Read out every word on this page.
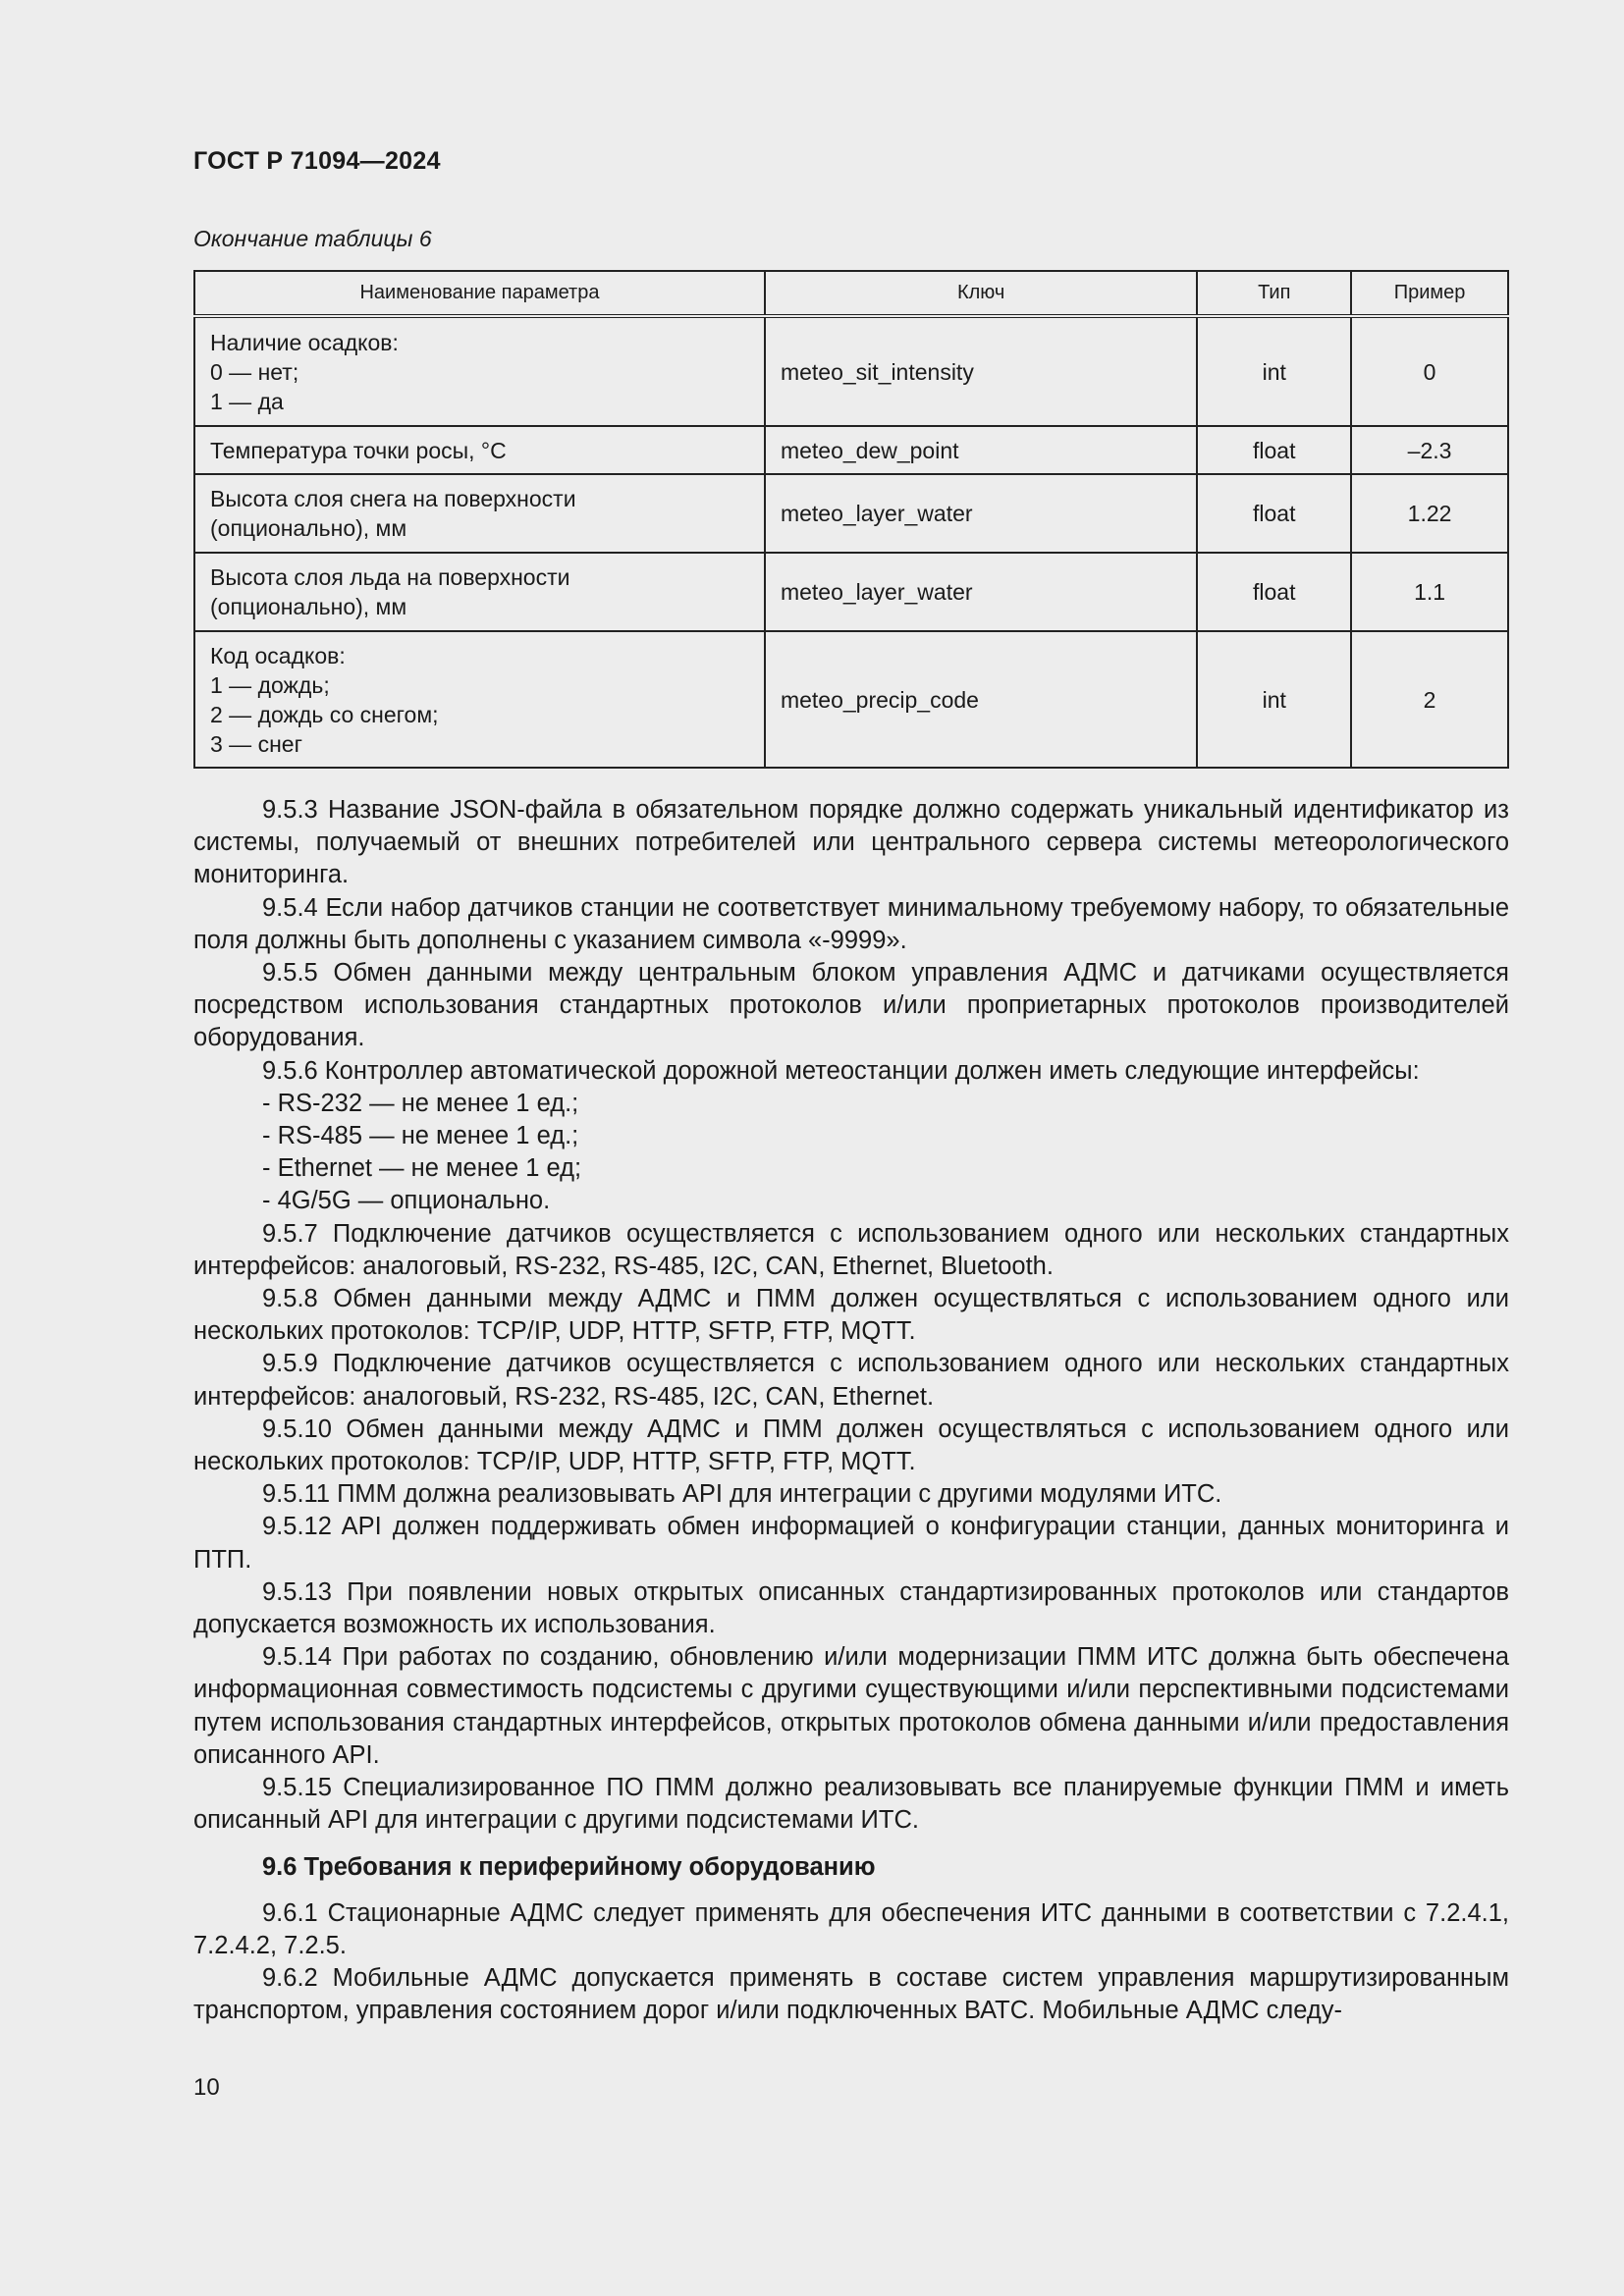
ГОСТ Р 71094—2024
Окончание таблицы 6
Наименование параметра	Ключ	Тип	Пример
Наличие осадков:
0 — нет;
1 — да	meteo_sit_intensity	int	0
Температура точки росы, °С	meteo_dew_point	float	–2.3
Высота слоя снега на поверхности
(опционально), мм	meteo_layer_water	float	1.22
Высота слоя льда на поверхности
(опционально), мм	meteo_layer_water	float	1.1
Код осадков:
1 — дождь;
2 — дождь со снегом;
3 — снег	meteo_precip_code	int	2

9.5.3 Название JSON-файла в обязательном порядке должно содержать уникальный идентификатор из системы, получаемый от внешних потребителей или центрального сервера системы метеорологического мониторинга.

9.5.4 Если набор датчиков станции не соответствует минимальному требуемому набору, то обязательные поля должны быть дополнены с указанием символа «-9999».

9.5.5 Обмен данными между центральным блоком управления АДМС и датчиками осуществляется посредством использования стандартных протоколов и/или проприетарных протоколов производителей оборудования.

9.5.6 Контроллер автоматической дорожной метеостанции должен иметь следующие интерфейсы:

- RS-232 — не менее 1 ед.;

- RS-485 — не менее 1 ед.;

- Ethernet — не менее 1 ед;

- 4G/5G — опционально.

9.5.7 Подключение датчиков осуществляется с использованием одного или нескольких стандартных интерфейсов: аналоговый, RS-232, RS-485, I2C, CAN, Ethernet, Bluetooth.

9.5.8 Обмен данными между АДМС и ПММ должен осуществляться с использованием одного или нескольких протоколов: TCP/IP, UDP, HTTP, SFTP, FTP, MQTT.

9.5.9 Подключение датчиков осуществляется с использованием одного или нескольких стандартных интерфейсов: аналоговый, RS-232, RS-485, I2C, CAN, Ethernet.

9.5.10 Обмен данными между АДМС и ПММ должен осуществляться с использованием одного или нескольких протоколов: TCP/IP, UDP, HTTP, SFTP, FTP, MQTT.

9.5.11 ПММ должна реализовывать API для интеграции с другими модулями ИТС.

9.5.12 API должен поддерживать обмен информацией о конфигурации станции, данных мониторинга и ПТП.

9.5.13 При появлении новых открытых описанных стандартизированных протоколов или стандартов допускается возможность их использования.

9.5.14 При работах по созданию, обновлению и/или модернизации ПММ ИТС должна быть обеспечена информационная совместимость подсистемы с другими существующими и/или перспективными подсистемами путем использования стандартных интерфейсов, открытых протоколов обмена данными и/или предоставления описанного API.

9.5.15 Специализированное ПО ПММ должно реализовывать все планируемые функции ПММ и иметь описанный API для интеграции с другими подсистемами ИТС.

9.6 Требования к периферийному оборудованию

9.6.1 Стационарные АДМС следует применять для обеспечения ИТС данными в соответствии с 7.2.4.1, 7.2.4.2, 7.2.5.

9.6.2 Мобильные АДМС допускается применять в составе систем управления маршрутизированным транспортом, управления состоянием дорог и/или подключенных ВАТС. Мобильные АДМС следу-

10
